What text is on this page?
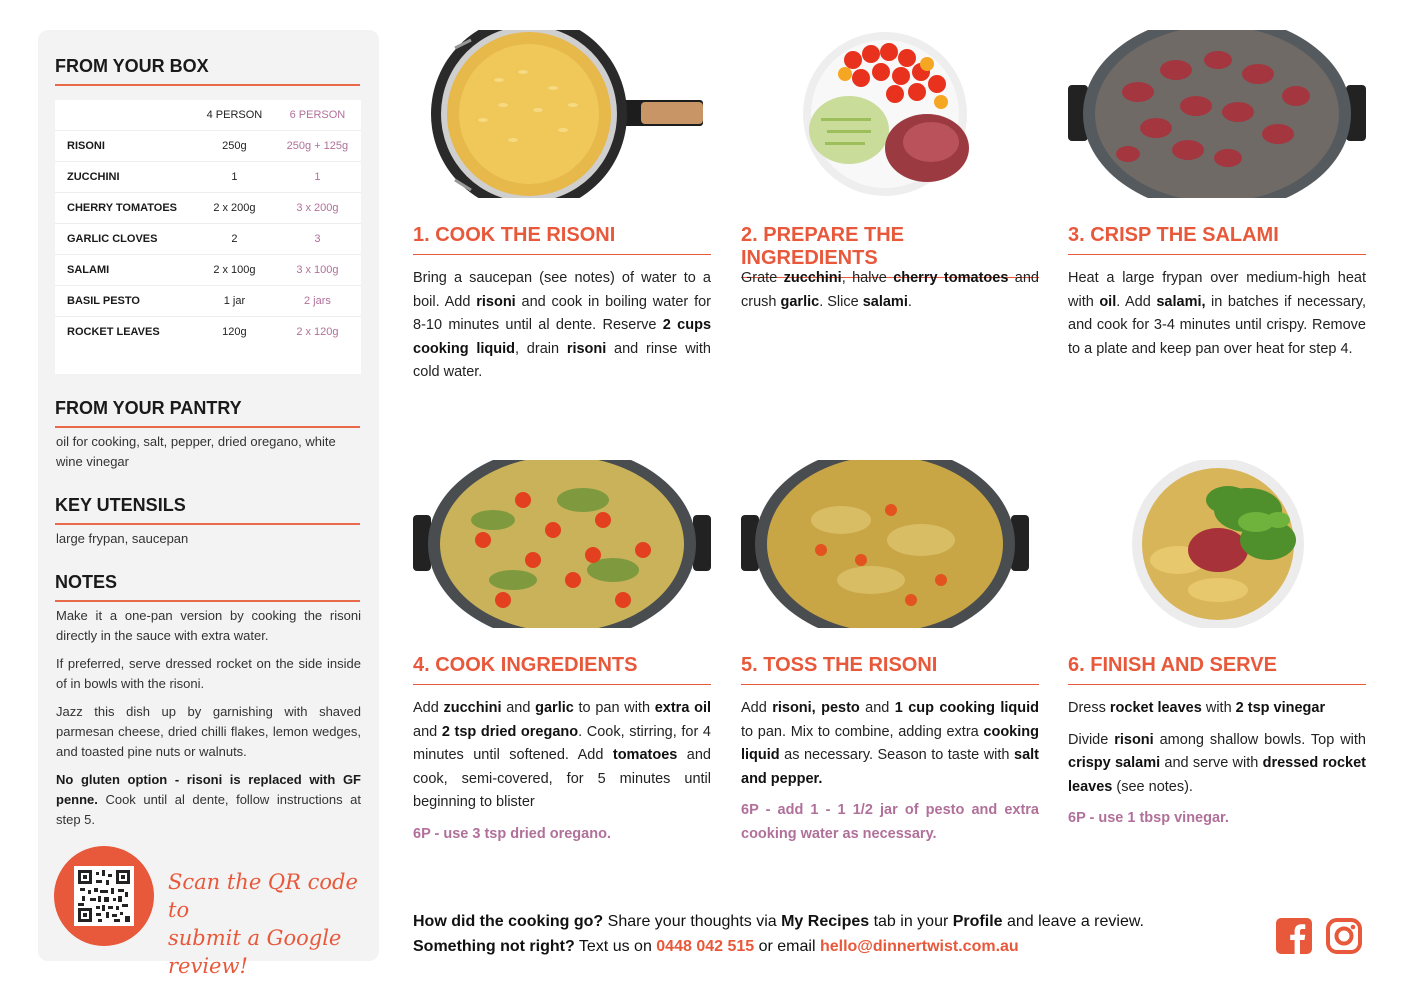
FROM YOUR BOX
	4 PERSON	6 PERSON
RISONI	250g	250g + 125g
ZUCCHINI	1	1
CHERRY TOMATOES	2 x 200g	3 x 200g
GARLIC CLOVES	2	3
SALAMI	2 x 100g	3 x 100g
BASIL PESTO	1 jar	2 jars
ROCKET LEAVES	120g	2 x 120g
FROM YOUR PANTRY
oil for cooking, salt, pepper, dried oregano, white wine vinegar
KEY UTENSILS
large frypan, saucepan
NOTES

Make it a one-pan version by cooking the risoni directly in the sauce with extra water.

If preferred, serve dressed rocket on the side inside of in bowls with the risoni.

Jazz this dish up by garnishing with shaved parmesan cheese, dried chilli flakes, lemon wedges, and toasted pine nuts or walnuts.

No gluten option - risoni is replaced with GF penne. Cook until al dente, follow instructions at step 5.

Scan the QR code to
submit a Google review!
1. COOK THE RISONI
Bring a saucepan (see notes) of water to a boil. Add risoni and cook in boiling water for 8-10 minutes until al dente. Reserve 2 cups cooking liquid, drain risoni and rinse with cold water.
2. PREPARE THE INGREDIENTS
Grate zucchini, halve cherry tomatoes and crush garlic. Slice salami.
3. CRISP THE SALAMI
Heat a large frypan over medium-high heat with oil. Add salami, in batches if necessary, and cook for 3-4 minutes until crispy. Remove to a plate and keep pan over heat for step 4.
4. COOK INGREDIENTS
Add zucchini and garlic to pan with extra oil and 2 tsp dried oregano. Cook, stirring, for 4 minutes until softened. Add tomatoes and cook, semi-covered, for 5 minutes until beginning to blister
6P - use 3 tsp dried oregano.
5. TOSS THE RISONI
Add risoni, pesto and 1 cup cooking liquid to pan. Mix to combine, adding extra cooking liquid as necessary. Season to taste with salt and pepper.
6P - add 1 - 1 1/2 jar of pesto and extra cooking water as necessary.
6. FINISH AND SERVE

Dress rocket leaves with 2 tsp vinegar

Divide risoni among shallow bowls. Top with crispy salami and serve with dressed rocket leaves (see notes).

6P - use 1 tbsp vinegar.
How did the cooking go? Share your thoughts via My Recipes tab in your Profile and leave a review.
Something not right? Text us on 0448 042 515 or email hello@dinnertwist.com.au
